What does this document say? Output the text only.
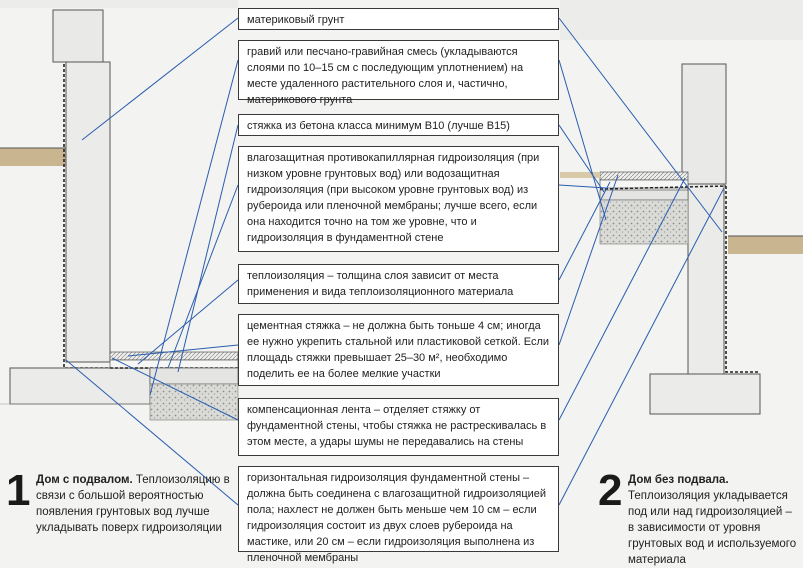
материковый грунт
гравий или песчано-гравийная смесь (укладываются слоями по 10–15 см с последующим уплотнением) на месте удаленного растительного слоя и, частично, материкового грунта
стяжка из бетона класса минимум В10 (лучше В15)
влагозащитная противокапиллярная гидроизоляция (при низком уровне грунтовых вод) или водозащитная гидроизоляция (при высоком уровне грунтовых вод) из рубероида или пленочной мембраны; лучше всего, если она находится точно на том же уровне, что и гидроизоляция в фундаментной стене
теплоизоляция – толщина слоя зависит от места применения и вида теплоизоляционного материала
цементная стяжка – не должна быть тоньше 4 см; иногда ее нужно укрепить стальной или пластиковой сеткой. Если площадь стяжки превышает 25–30 м², необходимо поделить ее на более мелкие участки
компенсационная лента – отделяет стяжку от фундаментной стены, чтобы стяжка не растрескивалась в этом месте, а удары шумы не передавались на стены
горизонтальная гидроизоляция фундаментной стены – должна быть соединена с влагозащитной гидроизоляцией пола; нахлест не должен быть меньше чем 10 см – если гидроизоляция состоит из двух слоев рубероида на мастике, или 20 см – если гидроизоляция выполнена из пленочной мембраны
1 Дом с подвалом. Теплоизоляцию в связи с большой вероятностью появления грунтовых вод лучше укладывать поверх гидроизоляции
2 Дом без подвала. Теплоизоляция укладывается под или над гидроизоляцией – в зависимости от уровня грунтовых вод и используемого материала
